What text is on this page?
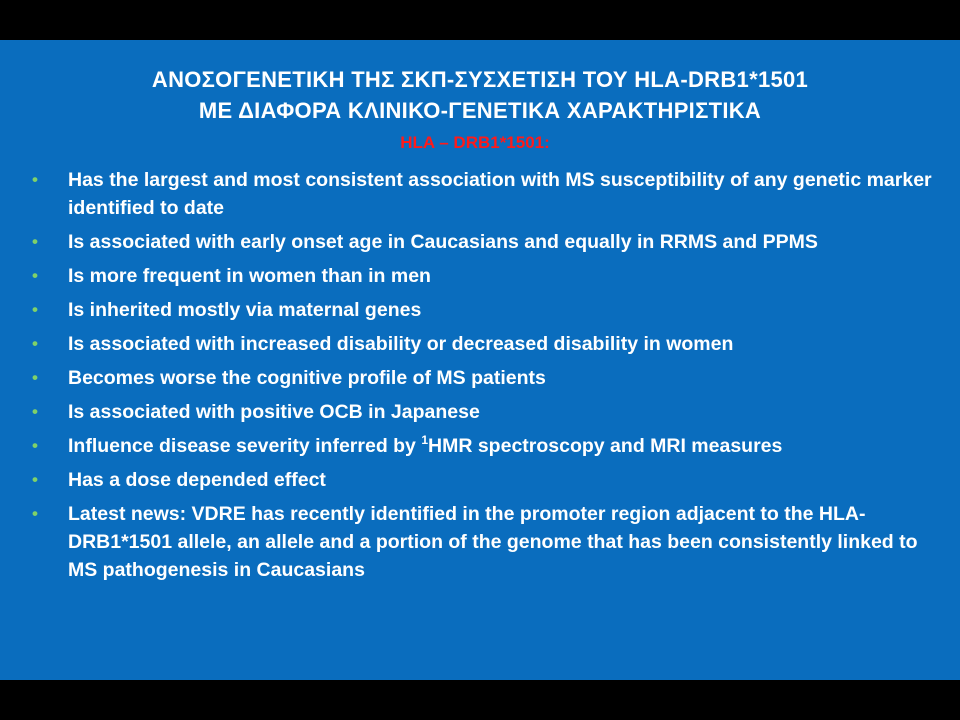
ΑΝΟΣΟΓΕΝΕΤΙΚΗ ΤΗΣ ΣΚΠ-ΣΥΣΧΕΤΙΣΗ ΤΟΥ HLA-DRB1*1501
ΜΕ ΔΙΑΦΟΡΑ ΚΛΙΝΙΚΟ-ΓΕΝΕΤΙΚΑ ΧΑΡΑΚΤΗΡΙΣΤΙΚΑ
HLA – DRB1*1501:
• Has the largest and most consistent association with MS susceptibility of any genetic marker identified to date
• Is associated with early onset age in Caucasians and equally in RRMS and PPMS
• Is more frequent in women than in men
• Is inherited mostly via maternal genes
• Is associated with increased disability or decreased disability in women
• Becomes worse the cognitive profile of MS patients
• Is associated with positive OCB in Japanese
• Influence disease severity inferred by $^1$HMR spectroscopy and MRI measures
• Has a dose depended effect
• Latest news: VDRE has recently identified in the promoter region adjacent to the HLA-DRB1*1501 allele, an allele and a portion of the genome that has been consistently linked to MS pathogenesis in Caucasians
